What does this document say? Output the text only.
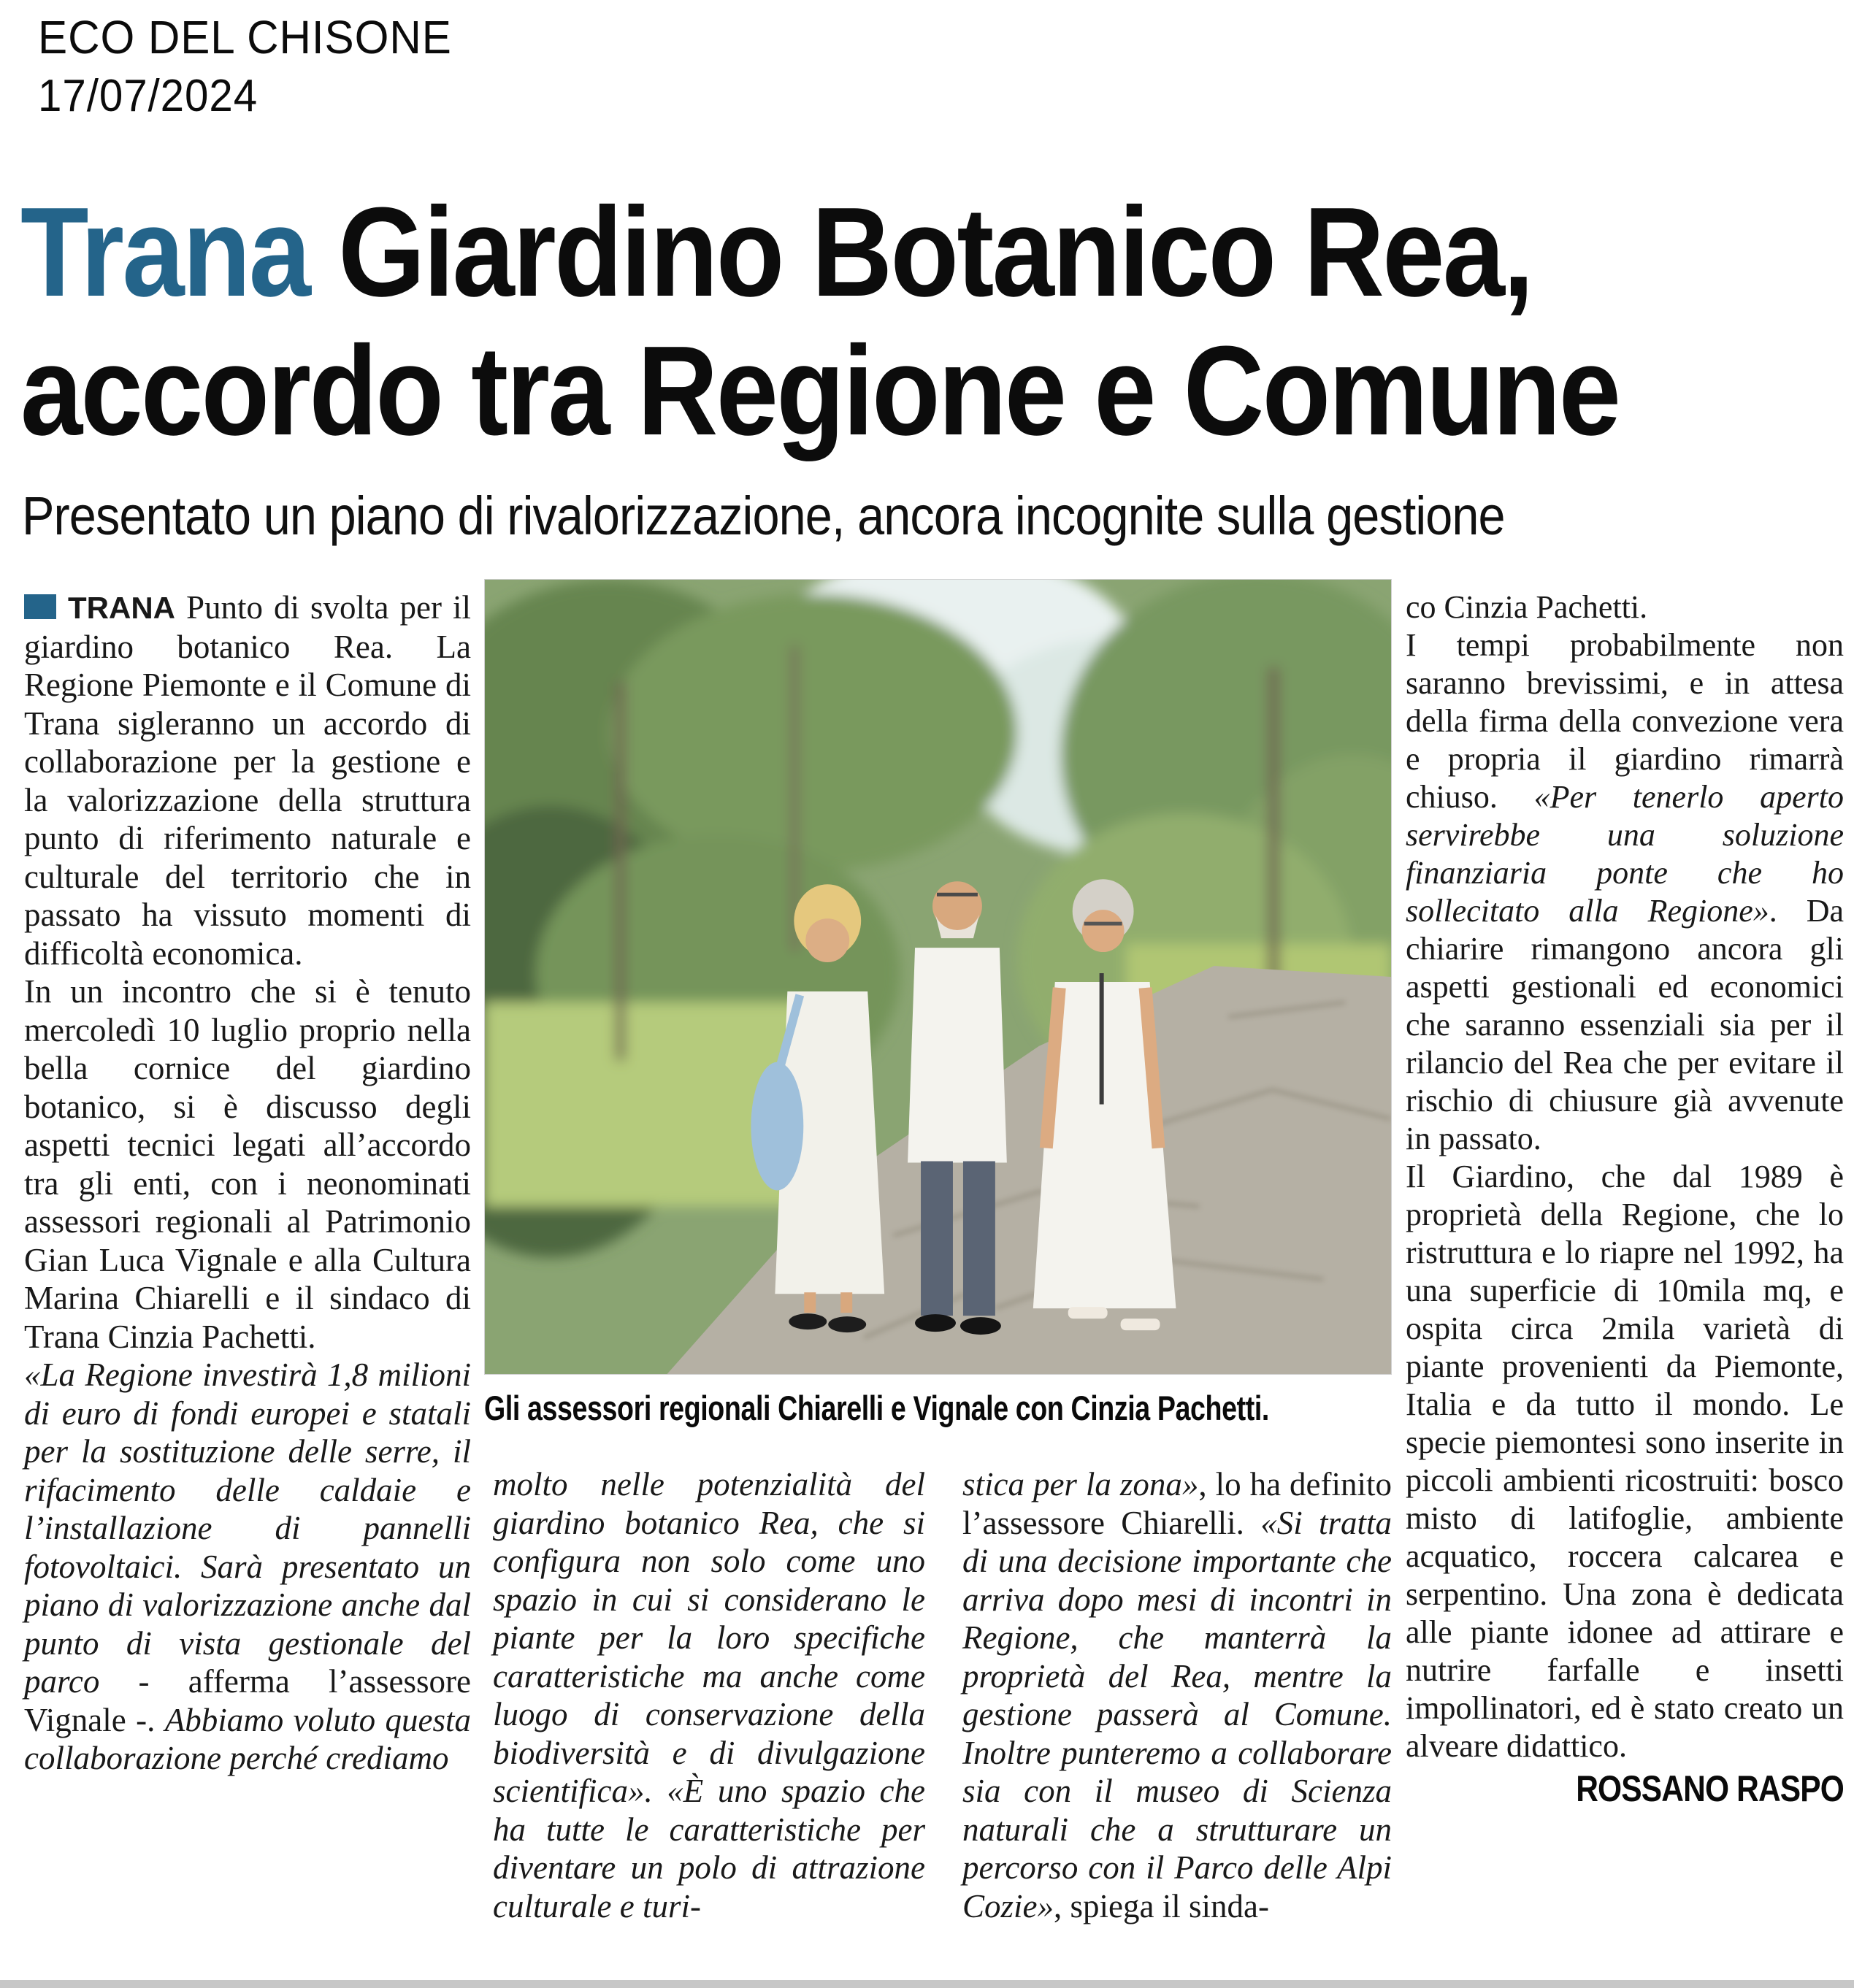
ECO DEL CHISONE
17/07/2024
Trana Giardino Botanico Rea, accordo tra Regione e Comune
Presentato un piano di rivalorizzazione, ancora incognite sulla gestione
Gli assessori regionali Chiarelli e Vignale con Cinzia Pachetti.

TRANA Punto di svolta per il giardino botanico Rea. La Regione Piemonte e il Comune di Trana sigleranno un accordo di collaborazione per la gestione e la valorizzazione della struttura punto di riferimento naturale e culturale del territorio che in passato ha vissuto momenti di difficoltà economica.

In un incontro che si è tenuto mercoledì 10 luglio proprio nella bella cornice del giardino botanico, si è discusso degli aspetti tecnici legati all’accordo tra gli enti, con i neonominati assessori regionali al Patrimonio Gian Luca Vignale e alla Cultura Marina Chiarelli e il sindaco di Trana Cinzia Pachetti.

«La Regione investirà 1,8 milioni di euro di fondi europei e statali per la sostituzione delle serre, il rifacimento delle caldaie e l’installazione di pannelli fotovoltaici. Sarà presentato un piano di valorizzazione anche dal punto di vista gestionale del parco - afferma l’assessore Vignale -. Abbiamo voluto questa collaborazione perché crediamo

molto nelle potenzialità del giardino botanico Rea, che si configura non solo come uno spazio in cui si considerano le piante per la loro specifiche caratteristiche ma anche come luogo di conservazione della biodiversità e di divulgazione scientifica». «È uno spazio che ha tutte le caratteristiche per diventare un polo di attrazione culturale e turi-

stica per la zona», lo ha definito l’assessore Chiarelli. «Si tratta di una decisione importante che arriva dopo mesi di incontri in Regione, che manterrà la proprietà del Rea, mentre la gestione passerà al Comune. Inoltre punteremo a collaborare sia con il museo di Scienza naturali che a strutturare un percorso con il Parco delle Alpi Cozie», spiega il sinda-

co Cinzia Pachetti.

I tempi probabilmente non saranno brevissimi, e in attesa della firma della convezione vera e propria il giardino rimarrà chiuso. «Per tenerlo aperto servirebbe una soluzione finanziaria ponte che ho sollecitato alla Regione». Da chiarire rimangono ancora gli aspetti gestionali ed economici che saranno essenziali sia per il rilancio del Rea che per evitare il rischio di chiusure già avvenute in passato.

Il Giardino, che dal 1989 è proprietà della Regione, che lo ristruttura e lo riapre nel 1992, ha una superficie di 10mila mq, e ospita circa 2mila varietà di piante provenienti da Piemonte, Italia e da tutto il mondo. Le specie piemontesi sono inserite in piccoli ambienti ricostruiti: bosco misto di latifoglie, ambiente acquatico, roccera calcarea e serpentino. Una zona è dedicata alle piante idonee ad attirare e nutrire farfalle e insetti impollinatori, ed è stato creato un alveare didattico.

ROSSANO RASPO
